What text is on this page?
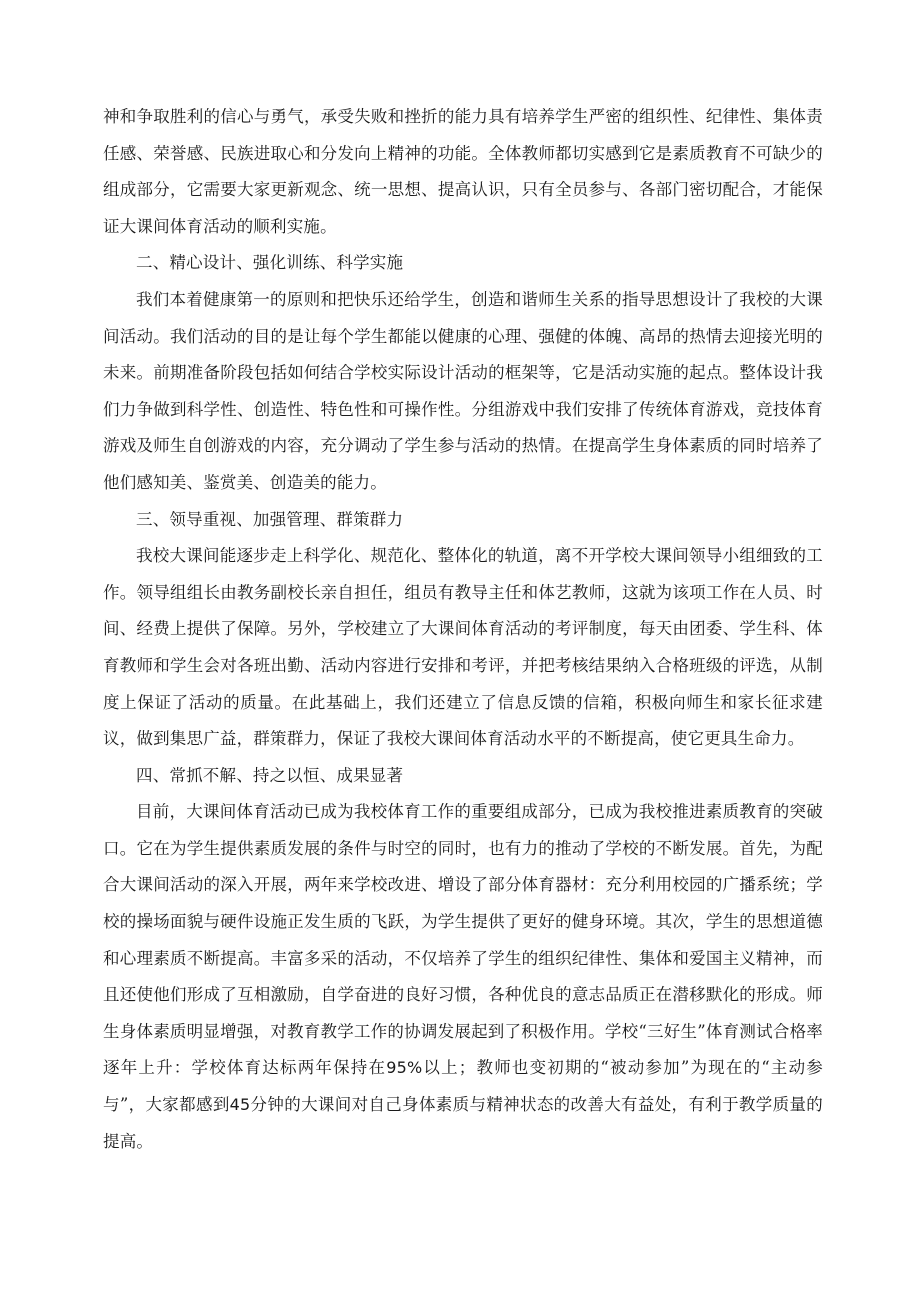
神和争取胜利的信心与勇气，承受失败和挫折的能力具有培养学生严密的组织性、纪律性、集体责任感、荣誉感、民族进取心和分发向上精神的功能。全体教师都切实感到它是素质教育不可缺少的组成部分，它需要大家更新观念、统一思想、提高认识，只有全员参与、各部门密切配合，才能保证大课间体育活动的顺利实施。

二、精心设计、强化训练、科学实施

我们本着健康第一的原则和把快乐还给学生，创造和谐师生关系的指导思想设计了我校的大课间活动。我们活动的目的是让每个学生都能以健康的心理、强健的体魄、高昂的热情去迎接光明的未来。前期准备阶段包括如何结合学校实际设计活动的框架等，它是活动实施的起点。整体设计我们力争做到科学性、创造性、特色性和可操作性。分组游戏中我们安排了传统体育游戏，竞技体育游戏及师生自创游戏的内容，充分调动了学生参与活动的热情。在提高学生身体素质的同时培养了他们感知美、鉴赏美、创造美的能力。

三、领导重视、加强管理、群策群力

我校大课间能逐步走上科学化、规范化、整体化的轨道，离不开学校大课间领导小组细致的工作。领导组组长由教务副校长亲自担任，组员有教导主任和体艺教师，这就为该项工作在人员、时间、经费上提供了保障。另外，学校建立了大课间体育活动的考评制度，每天由团委、学生科、体育教师和学生会对各班出勤、活动内容进行安排和考评，并把考核结果纳入合格班级的评选，从制度上保证了活动的质量。在此基础上，我们还建立了信息反馈的信箱，积极向师生和家长征求建议，做到集思广益，群策群力，保证了我校大课间体育活动水平的不断提高，使它更具生命力。

四、常抓不解、持之以恒、成果显著

目前，大课间体育活动已成为我校体育工作的重要组成部分，已成为我校推进素质教育的突破口。它在为学生提供素质发展的条件与时空的同时，也有力的推动了学校的不断发展。首先，为配合大课间活动的深入开展，两年来学校改进、增设了部分体育器材：充分利用校园的广播系统；学校的操场面貌与硬件设施正发生质的飞跃，为学生提供了更好的健身环境。其次，学生的思想道德和心理素质不断提高。丰富多采的活动，不仅培养了学生的组织纪律性、集体和爱国主义精神，而且还使他们形成了互相激励，自学奋进的良好习惯，各种优良的意志品质正在潜移默化的形成。师生身体素质明显增强，对教育教学工作的协调发展起到了积极作用。学校“三好生”体育测试合格率逐年上升：学校体育达标两年保持在95%以上；教师也变初期的“被动参加”为现在的“主动参与”，大家都感到45分钟的大课间对自己身体素质与精神状态的改善大有益处，有利于教学质量的提高。
